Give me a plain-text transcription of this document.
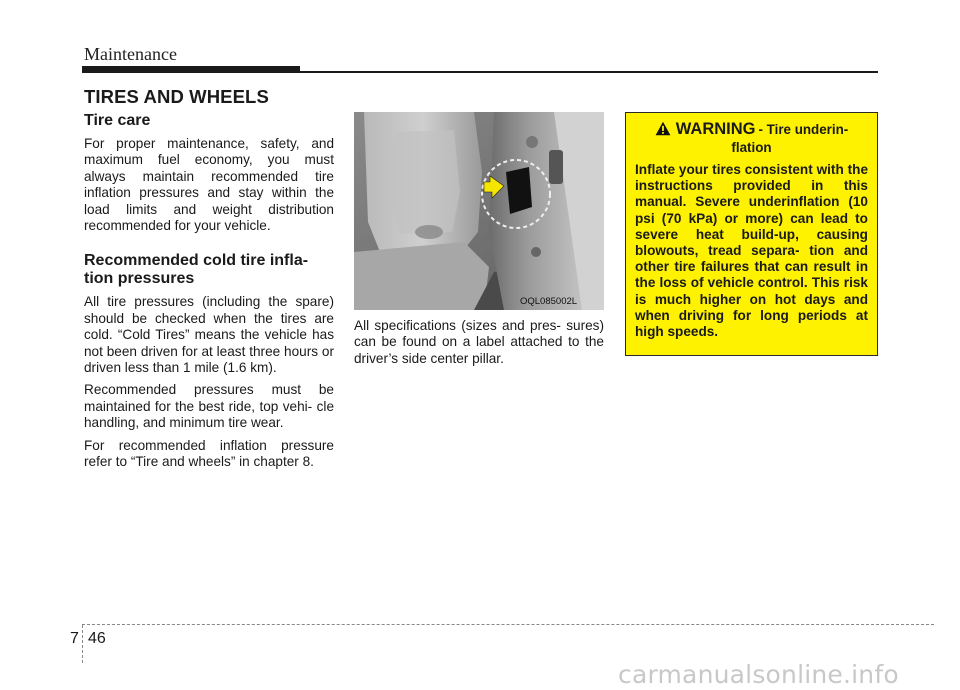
Maintenance
TIRES AND WHEELS
Tire care

For proper maintenance, safety, and maximum fuel economy, you must always maintain recommended tire inflation pressures and stay within the load limits and weight distribution recommended for your vehicle.

Recommended cold tire infla- tion pressures

All tire pressures (including the spare) should be checked when the tires are cold. “Cold Tires” means the vehicle has not been driven for at least three hours or driven less than 1 mile (1.6 km).

Recommended pressures must be maintained for the best ride, top vehi- cle handling, and minimum tire wear.

For recommended inflation pressure refer to “Tire and wheels” in chapter 8.

OQL085002L

All specifications (sizes and pres- sures) can be found on a label attached to the driver’s side center pillar.

WARNING - Tire underin- flation
Inflate your tires consistent with the instructions provided in this manual. Severe underinflation (10 psi (70 kPa) or more) can lead to severe heat build-up, causing blowouts, tread separa- tion and other tire failures that can result in the loss of vehicle control. This risk is much higher on hot days and when driving for long periods at high speeds.
7 46
carmanualsonline.info
